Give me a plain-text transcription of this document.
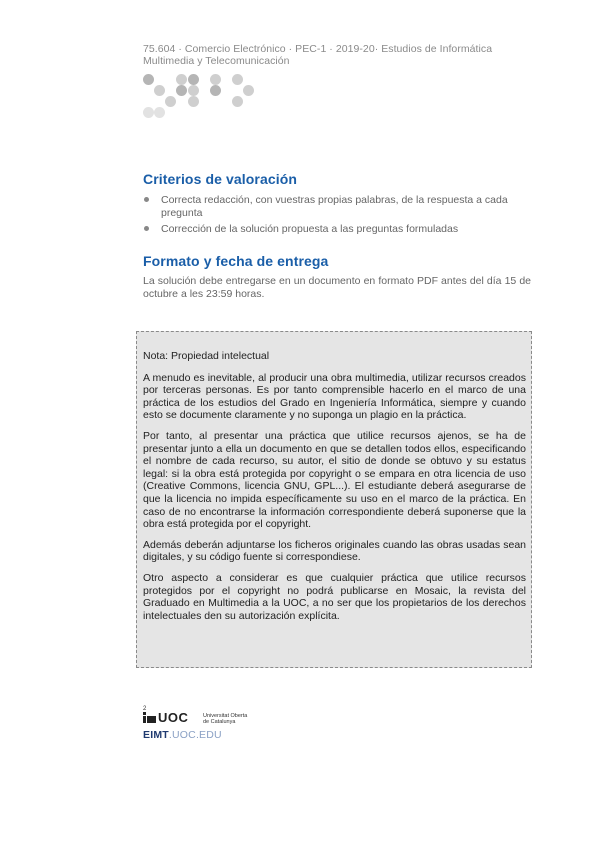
75.604 · Comercio Electrónico · PEC-1 · 2019-20· Estudios de Informática Multimedia y Telecomunicación
Criterios de valoración
Correcta redacción, con vuestras propias palabras, de la respuesta a cada pregunta
Corrección de la solución propuesta a las preguntas formuladas
Formato y fecha de entrega
La solución debe entregarse en un documento en formato PDF antes del día 15 de octubre a les 23:59 horas.

Nota: Propiedad intelectual

A menudo es inevitable, al producir una obra multimedia, utilizar recursos creados por terceras personas. Es por tanto comprensible hacerlo en el marco de una práctica de los estudios del Grado en Ingeniería Informática, siempre y cuando esto se documente claramente y no suponga un plagio en la práctica.

Por tanto, al presentar una práctica que utilice recursos ajenos, se ha de presentar junto a ella un documento en que se detallen todos ellos, especificando el nombre de cada recurso, su autor, el sitio de donde se obtuvo y su estatus legal: si la obra está protegida por copyright o se empara en otra licencia de uso (Creative Commons, licencia GNU, GPL...). El estudiante deberá asegurarse de que la licencia no impida específicamente su uso en el marco de la práctica. En caso de no encontrarse la información correspondiente deberá suponerse que la obra está protegida por el copyright.

Además deberán adjuntarse los ficheros originales cuando las obras usadas sean digitales, y su código fuente si correspondiese.

Otro aspecto a considerar es que cualquier práctica que utilice recursos protegidos por el copyright no podrá publicarse en Mosaic, la revista del Graduado en Multimedia a la UOC, a no ser que los propietarios de los derechos intelectuales den su autorización explícita.

2
UOC	Universitat Oberta
de Catalunya
EIMT.UOC.EDU
